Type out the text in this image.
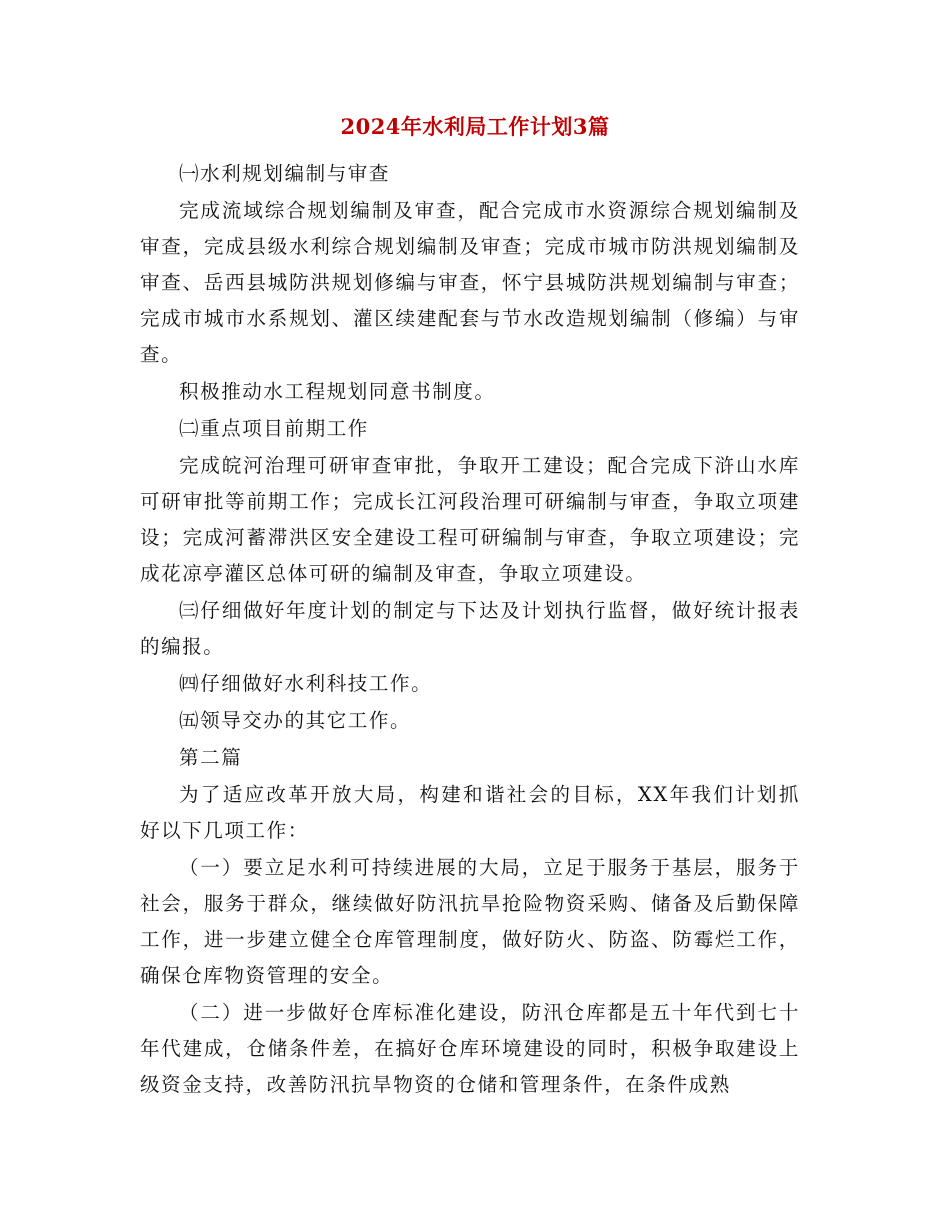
2024年水利局工作计划3篇

㈠水利规划编制与审查

完成流域综合规划编制及审查，配合完成市水资源综合规划编制及审查，完成县级水利综合规划编制及审查；完成市城市防洪规划编制及审查、岳西县城防洪规划修编与审查，怀宁县城防洪规划编制与审查；完成市城市水系规划、灌区续建配套与节水改造规划编制（修编）与审查。

积极推动水工程规划同意书制度。

㈡重点项目前期工作

完成皖河治理可研审查审批，争取开工建设；配合完成下浒山水库可研审批等前期工作；完成长江河段治理可研编制与审查，争取立项建设；完成河蓄滞洪区安全建设工程可研编制与审查，争取立项建设；完成花凉亭灌区总体可研的编制及审查，争取立项建设。

㈢仔细做好年度计划的制定与下达及计划执行监督，做好统计报表的编报。

㈣仔细做好水利科技工作。

㈤领导交办的其它工作。

第二篇

为了适应改革开放大局，构建和谐社会的目标，XX年我们计划抓好以下几项工作：

（一）要立足水利可持续进展的大局，立足于服务于基层，服务于社会，服务于群众，继续做好防汛抗旱抢险物资采购、储备及后勤保障工作，进一步建立健全仓库管理制度，做好防火、防盗、防霉烂工作，确保仓库物资管理的安全。

（二）进一步做好仓库标准化建设，防汛仓库都是五十年代到七十年代建成，仓储条件差，在搞好仓库环境建设的同时，积极争取建设上级资金支持，改善防汛抗旱物资的仓储和管理条件，在条件成熟
